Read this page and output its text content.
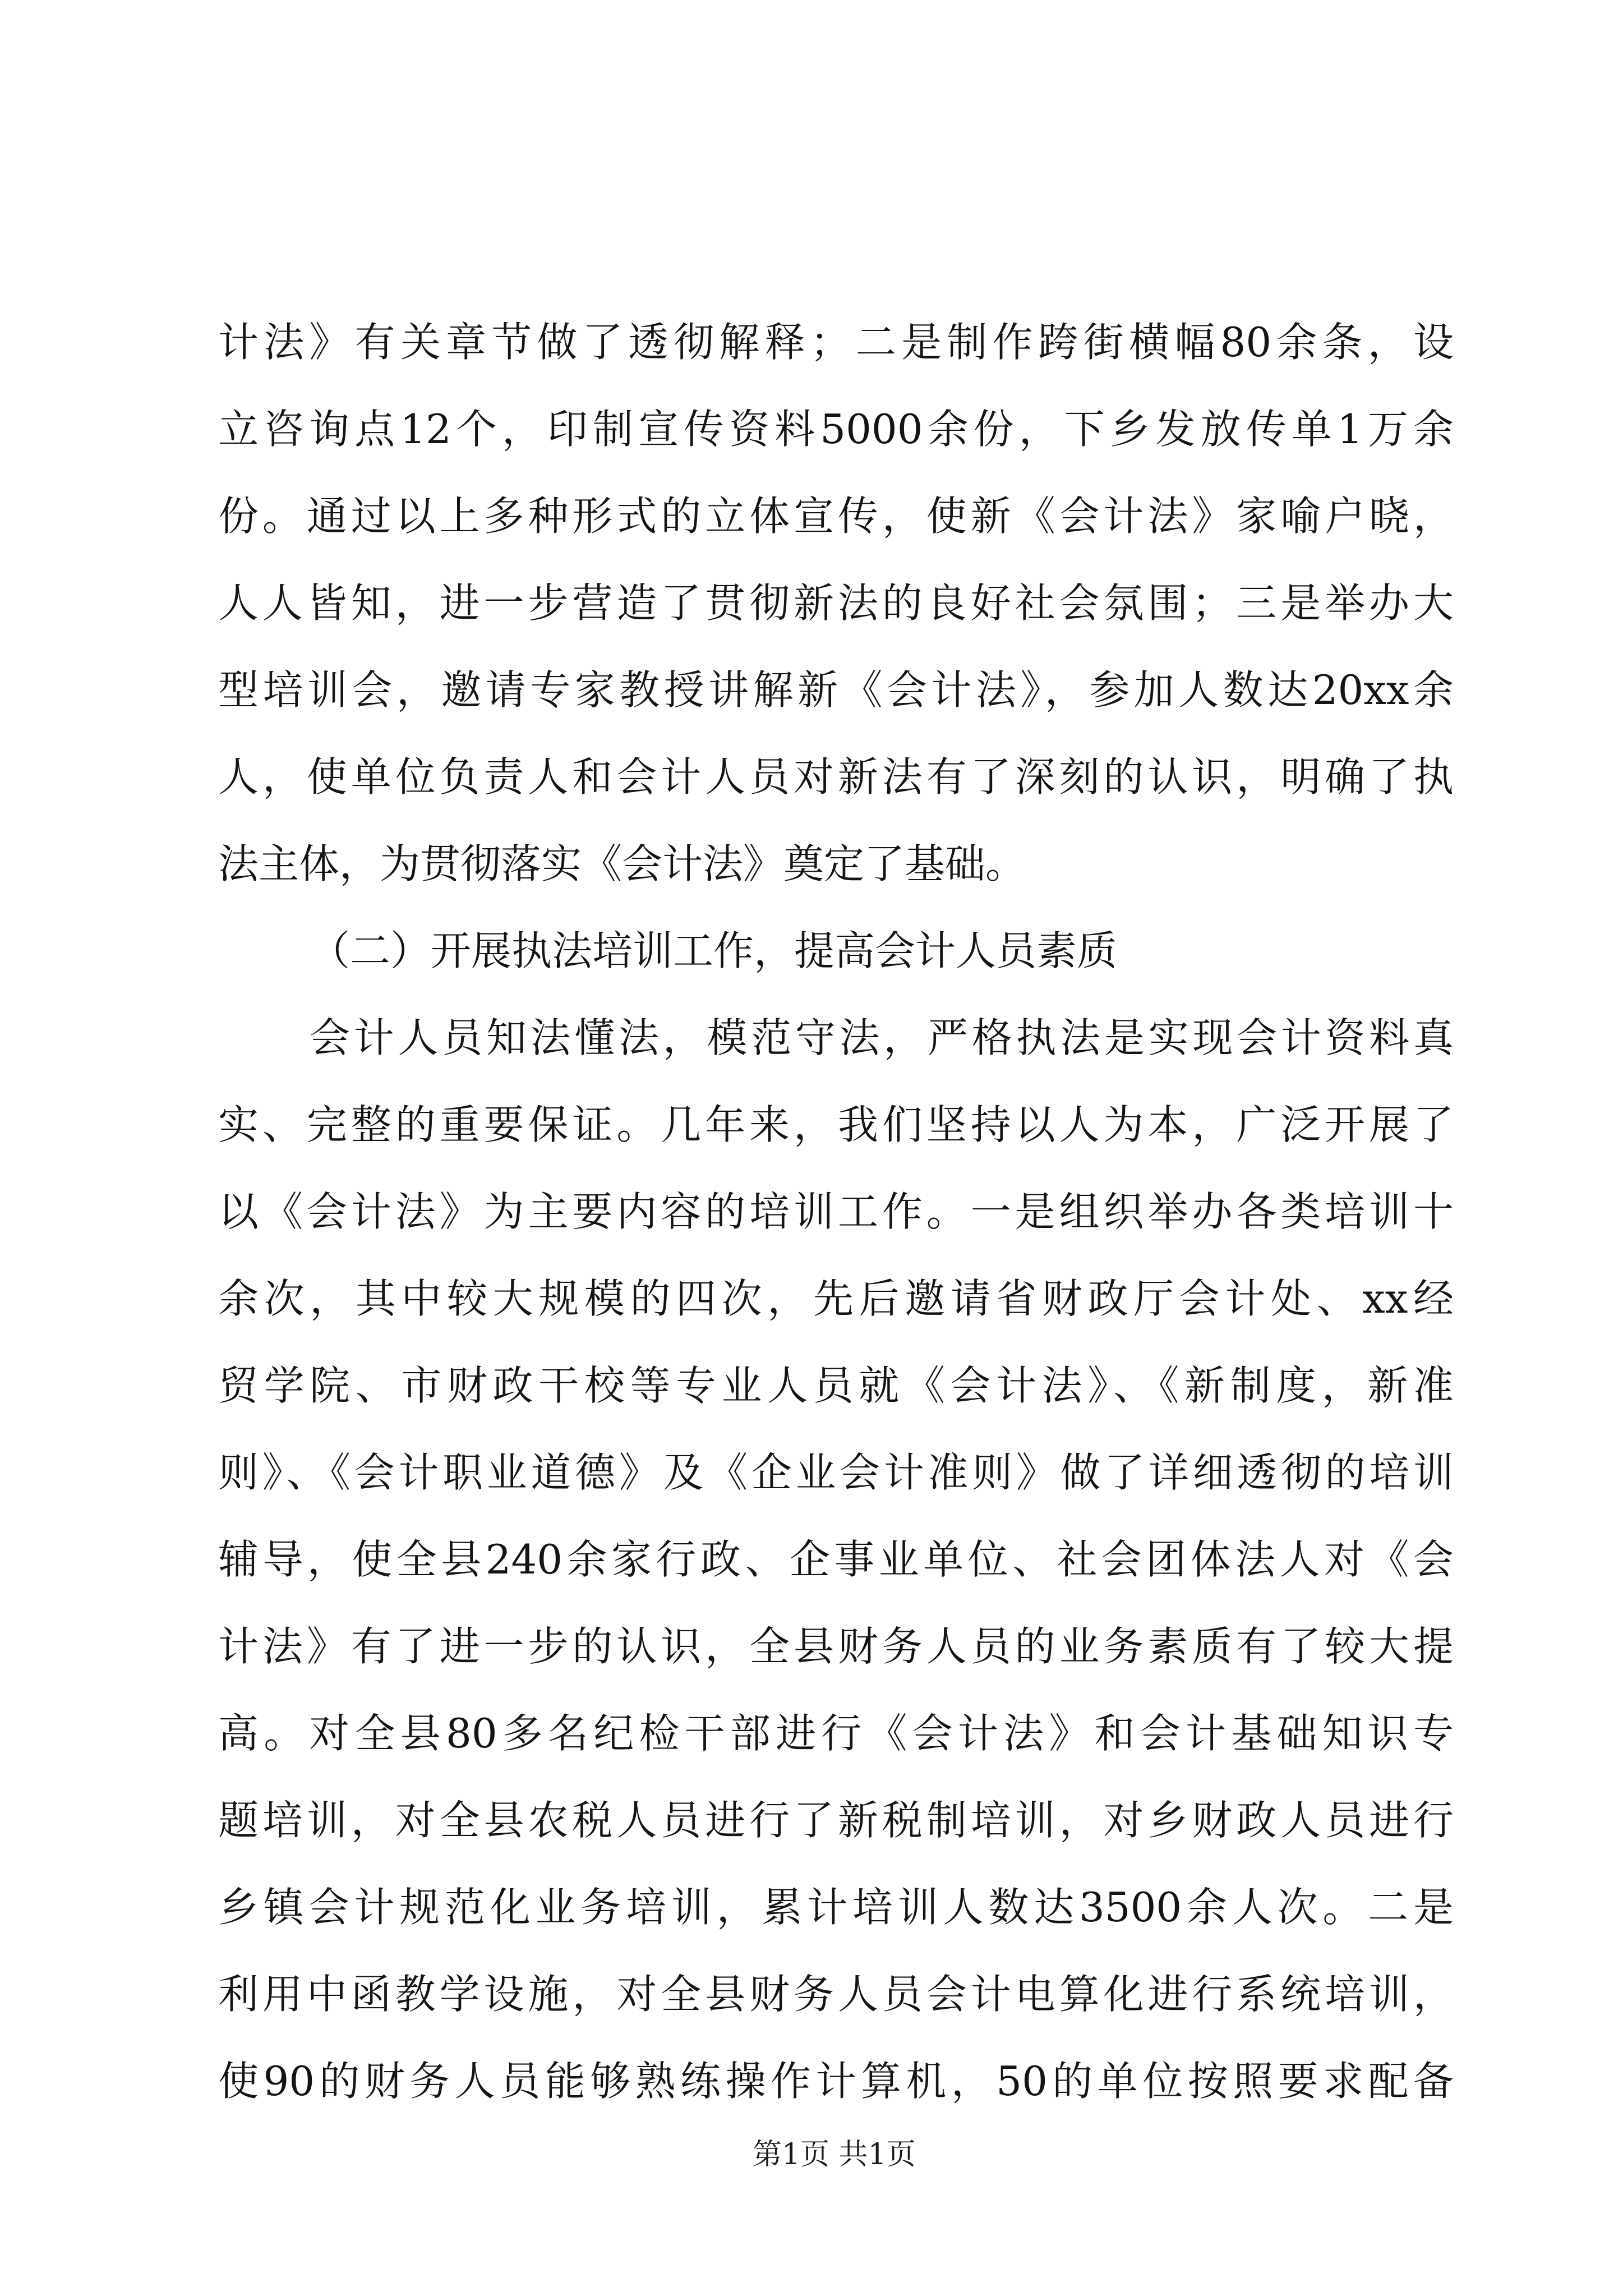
计法》有关章节做了透彻解释；二是制作跨街横幅80余条，设
立咨询点12个，印制宣传资料5000余份，下乡发放传单1万余
份。通过以上多种形式的立体宣传，使新《会计法》家喻户晓，
人人皆知，进一步营造了贯彻新法的良好社会氛围；三是举办大
型培训会，邀请专家教授讲解新《会计法》，参加人数达20xx余
人，使单位负责人和会计人员对新法有了深刻的认识，明确了执
法主体，为贯彻落实《会计法》奠定了基础。
（二）开展执法培训工作，提高会计人员素质
会计人员知法懂法，模范守法，严格执法是实现会计资料真
实、完整的重要保证。几年来，我们坚持以人为本，广泛开展了
以《会计法》为主要内容的培训工作。一是组织举办各类培训十
余次，其中较大规模的四次，先后邀请省财政厅会计处、xx经
贸学院、市财政干校等专业人员就《会计法》、《新制度，新准
则》、《会计职业道德》及《企业会计准则》做了详细透彻的培训
辅导，使全县240余家行政、企事业单位、社会团体法人对《会
计法》有了进一步的认识，全县财务人员的业务素质有了较大提
高。对全县80多名纪检干部进行《会计法》和会计基础知识专
题培训，对全县农税人员进行了新税制培训，对乡财政人员进行
乡镇会计规范化业务培训，累计培训人数达3500余人次。二是
利用中函教学设施，对全县财务人员会计电算化进行系统培训，
使90的财务人员能够熟练操作计算机，50的单位按照要求配备
第1页 共1页
